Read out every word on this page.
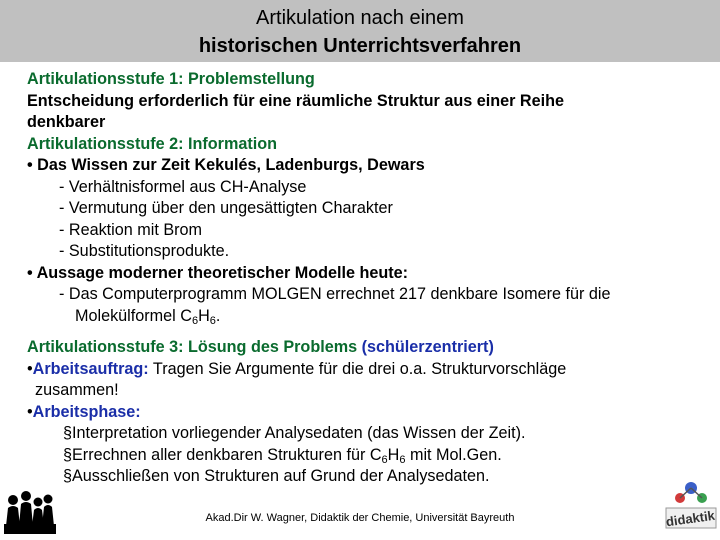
Artikulation nach einem
historischen Unterrichtsverfahren
Artikulationsstufe 1: Problemstellung
Entscheidung erforderlich für eine räumliche Struktur aus einer Reihe
denkbarer
Artikulationsstufe 2: Information
• Das Wissen zur Zeit Kekulés, Ladenburgs, Dewars
- Verhältnisformel aus CH-Analyse
- Vermutung über den ungesättigten Charakter
- Reaktion mit Brom
- Substitutionsprodukte.
• Aussage moderner theoretischer Modelle heute:
- Das Computerprogramm MOLGEN errechnet 217 denkbare Isomere für die
Molekülformel $C_6H_6$.
Artikulationsstufe 3: Lösung des Problems (schülerzentriert)
•Arbeitsauftrag: Tragen Sie Argumente für die drei o.a. Strukturvorschläge
zusammen!
•Arbeitsphase:
§Interpretation vorliegender Analysedaten (das Wissen der Zeit).
§Errechnen aller denkbaren Strukturen für $C_6H_6$ mit Mol.Gen.
§Ausschließen von Strukturen auf Grund der Analysedaten.
didaktik
Akad.Dir W. Wagner, Didaktik der Chemie, Universität Bayreuth
